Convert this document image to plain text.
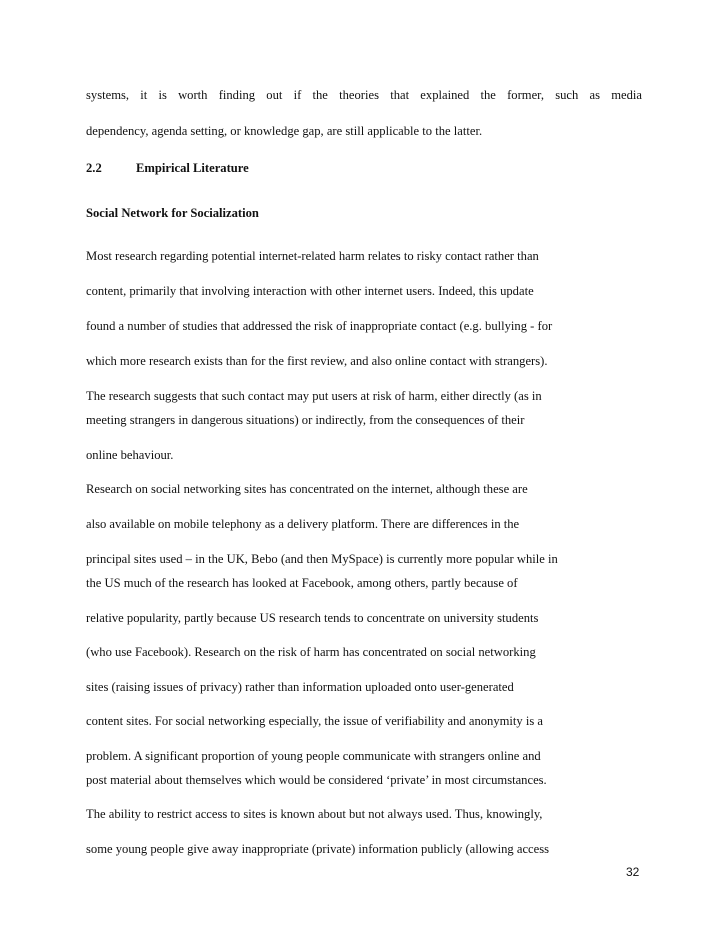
systems, it is worth finding out if the theories that explained the former, such as media
dependency, agenda setting, or knowledge gap, are still applicable to the latter.
2.2	Empirical Literature
Social Network for Socialization
Most research regarding potential internet-related harm relates to risky contact rather than
content, primarily that involving interaction with other internet users. Indeed, this update
found a number of studies that addressed the risk of inappropriate contact (e.g. bullying - for
which more research exists than for the first review, and also online contact with strangers).
The research suggests that such contact may put users at risk of harm, either directly (as in
meeting strangers in dangerous situations) or indirectly, from the consequences of their
online behaviour.
Research on social networking sites has concentrated on the internet, although these are
also available on mobile telephony as a delivery platform. There are differences in the
principal sites used – in the UK, Bebo (and then MySpace) is currently more popular while in
the US much of the research has looked at Facebook, among others, partly because of
relative popularity, partly because US research tends to concentrate on university students
(who use Facebook). Research on the risk of harm has concentrated on social networking
sites (raising issues of privacy) rather than information uploaded onto user-generated
content sites. For social networking especially, the issue of verifiability and anonymity is a
problem. A significant proportion of young people communicate with strangers online and
post material about themselves which would be considered ‘private’ in most circumstances.
The ability to restrict access to sites is known about but not always used. Thus, knowingly,
some young people give away inappropriate (private) information publicly (allowing access
32
